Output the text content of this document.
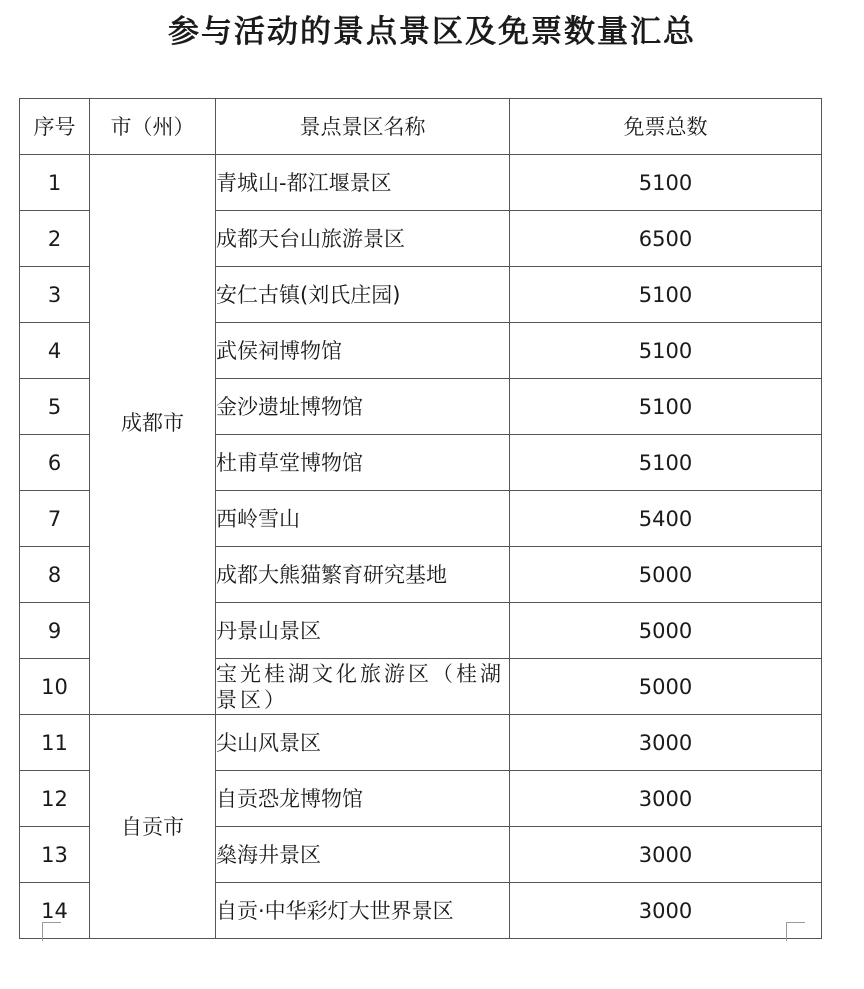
参与活动的景点景区及免票数量汇总
序号	市（州）	景点景区名称	免票总数
1	成都市	青城山-都江堰景区	5100
2		成都天台山旅游景区	6500
3		安仁古镇(刘氏庄园)	5100
4		武侯祠博物馆	5100
5		金沙遗址博物馆	5100
6		杜甫草堂博物馆	5100
7		西岭雪山	5400
8		成都大熊猫繁育研究基地	5000
9		丹景山景区	5000
10		宝光桂湖文化旅游区（桂湖景区）	5000
11	自贡市	尖山风景区	3000
12		自贡恐龙博物馆	3000
13		燊海井景区	3000
14		自贡·中华彩灯大世界景区	3000
